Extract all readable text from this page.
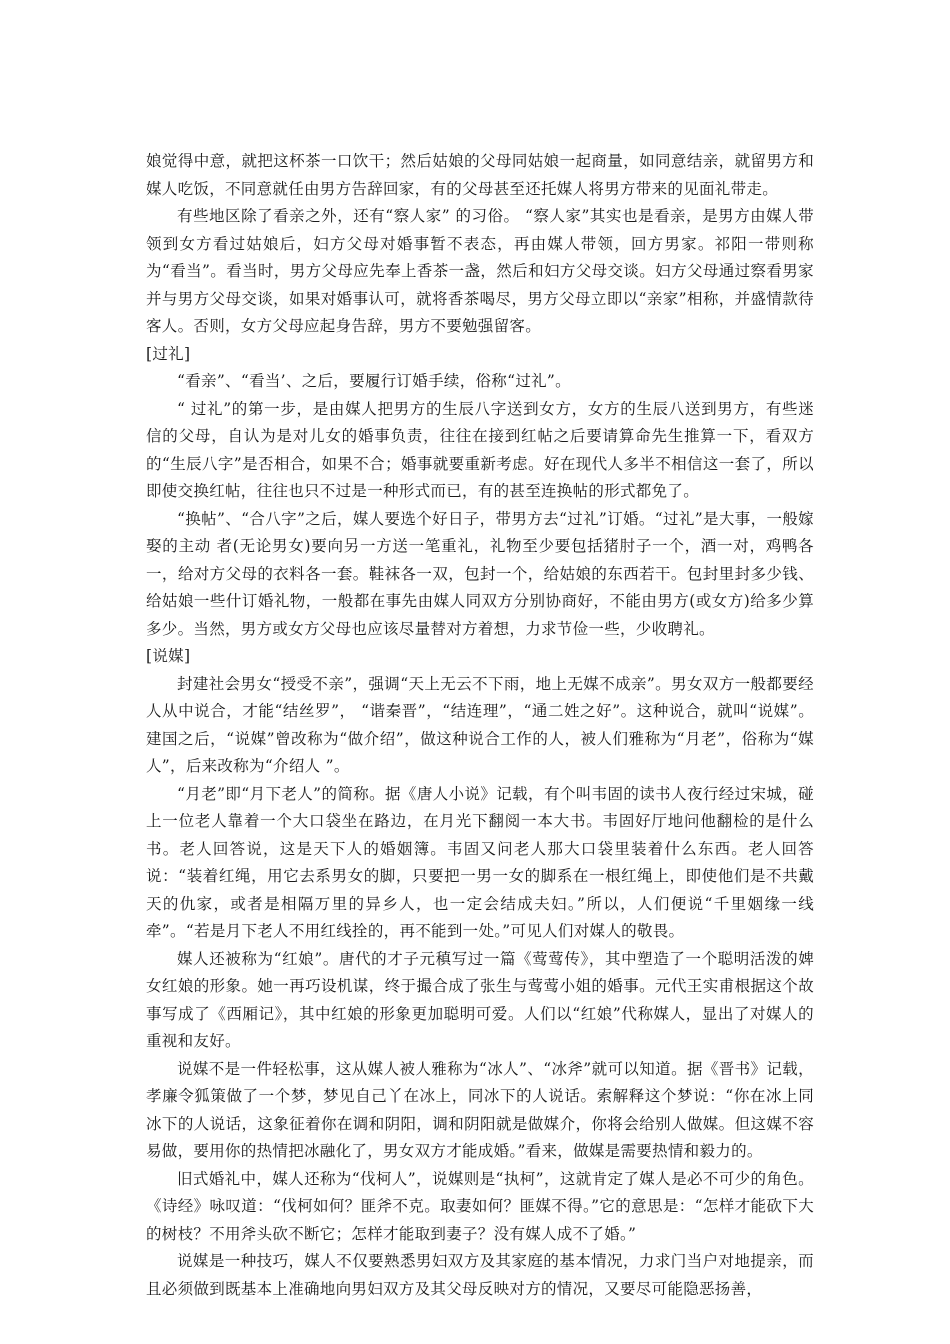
娘觉得中意，就把这杯茶一口饮干；然后姑娘的父母同姑娘一起商量，如同意结亲，就留男方和媒人吃饭，不同意就任由男方告辞回家，有的父母甚至还托媒人将男方带来的见面礼带走。

有些地区除了看亲之外，还有“察人家” 的习俗。 “察人家”其实也是看亲，是男方由媒人带领到女方看过姑娘后，妇方父母对婚事暂不表态，再由媒人带领，回方男家。祁阳一带则称为“看当”。看当时，男方父母应先奉上香茶一盏，然后和妇方父母交谈。妇方父母通过察看男家并与男方父母交谈，如果对婚事认可，就将香茶喝尽，男方父母立即以“亲家”相称，并盛情款待客人。否则，女方父母应起身告辞，男方不要勉强留客。

[过礼]

“看亲”、“看当’、之后，要履行订婚手续，俗称“过礼”。

“ 过礼”的第一步，是由媒人把男方的生辰八字送到女方，女方的生辰八送到男方，有些迷信的父母，自认为是对儿女的婚事负责，往往在接到红帖之后要请算命先生推算一下，看双方的“生辰八字”是否相合，如果不合；婚事就要重新考虑。好在现代人多半不相信这一套了，所以即使交换红帖，往往也只不过是一种形式而已，有的甚至连换帖的形式都免了。

“换帖”、“合八字”之后，媒人要选个好日子，带男方去“过礼”订婚。“过礼”是大事，一般嫁娶的主动 者(无论男女)要向另一方送一笔重礼，礼物至少要包括猪肘子一个，酒一对，鸡鸭各一，给对方父母的衣料各一套。鞋袜各一双，包封一个，给姑娘的东西若干。包封里封多少钱、给姑娘一些什订婚礼物，一般都在事先由媒人同双方分别协商好，不能由男方(或女方)给多少算多少。当然，男方或女方父母也应该尽量替对方着想，力求节俭一些，少收聘礼。

[说媒]

封建社会男女“授受不亲”，强调“天上无云不下雨，地上无媒不成亲”。男女双方一般都要经人从中说合，才能“结丝罗”， “谐秦晋”，“结连理”，“通二姓之好”。这种说合，就叫“说媒”。建国之后，“说媒”曾改称为“做介绍”，做这种说合工作的人，被人们雅称为“月老”，俗称为“媒人”，后来改称为“介绍人 ”。

“月老”即“月下老人”的简称。据《唐人小说》记载，有个叫韦固的读书人夜行经过宋城，碰上一位老人靠着一个大口袋坐在路边，在月光下翻阅一本大书。韦固好厅地问他翻检的是什么书。老人回答说，这是天下人的婚姻簿。韦固又问老人那大口袋里装着什么东西。老人回答说：“装着红绳，用它去系男女的脚，只要把一男一女的脚系在一根红绳上，即使他们是不共戴天的仇家，或者是相隔万里的异乡人，也一定会结成夫妇。”所以，人们便说“千里姻缘一线牵”。“若是月下老人不用红线拴的，再不能到一处。”可见人们对媒人的敬畏。

媒人还被称为“红娘”。唐代的才子元稹写过一篇《莺莺传》，其中塑造了一个聪明活泼的婢女红娘的形象。她一再巧设机谋，终于撮合成了张生与莺莺小姐的婚事。元代王实甫根据这个故事写成了《西厢记》，其中红娘的形象更加聪明可爱。人们以“红娘”代称媒人，显出了对媒人的重视和友好。

说媒不是一件轻松事，这从媒人被人雅称为“冰人”、“冰斧”就可以知道。据《晋书》记载，孝廉令狐策做了一个梦，梦见自己丫在冰上，同冰下的人说话。索解释这个梦说：“你在冰上同冰下的人说话，这象征着你在调和阴阳，调和阴阳就是做媒介，你将会给别人做媒。但这媒不容易做，要用你的热情把冰融化了，男女双方才能成婚。”看来，做媒是需要热情和毅力的。

旧式婚礼中，媒人还称为“伐柯人”，说媒则是“执柯”，这就肯定了媒人是必不可少的角色。《诗经》咏叹道：“伐柯如何？匪斧不克。取妻如何？匪媒不得。”它的意思是：“怎样才能砍下大的树枝？不用斧头砍不断它；怎样才能取到妻子？没有媒人成不了婚。”

说媒是一种技巧，媒人不仅要熟悉男妇双方及其家庭的基本情况，力求门当户对地提亲，而且必须做到既基本上准确地向男妇双方及其父母反映对方的情况，又要尽可能隐恶扬善，
